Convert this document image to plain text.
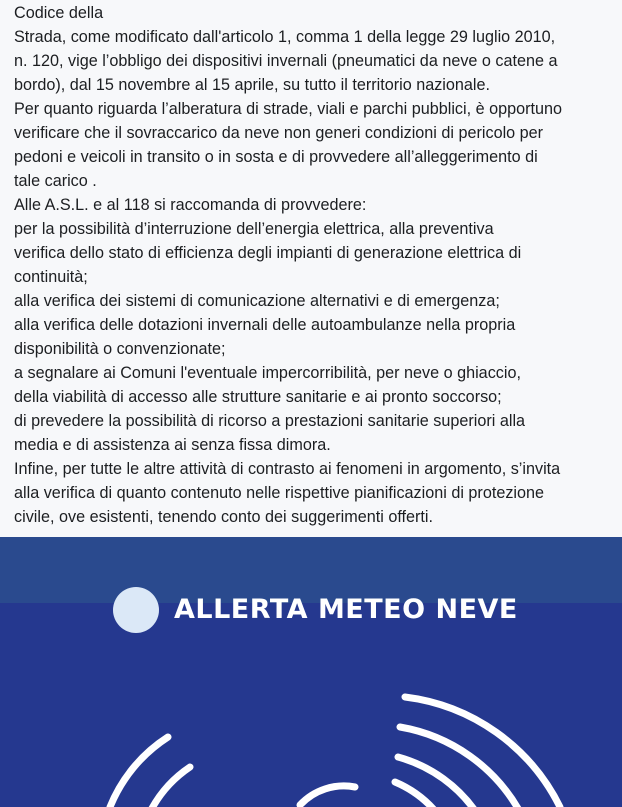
Codice della

Strada, come modificato dall'articolo 1, comma 1 della legge 29 luglio 2010,

n. 120, vige l’obbligo dei dispositivi invernali (pneumatici da neve o catene a

bordo), dal 15 novembre al 15 aprile, su tutto il territorio nazionale.

Per quanto riguarda l’alberatura di strade, viali e parchi pubblici, è opportuno

verificare che il sovraccarico da neve non generi condizioni di pericolo per

pedoni e veicoli in transito o in sosta e di provvedere all’alleggerimento di

tale carico .

Alle A.S.L. e al 118 si raccomanda di provvedere:

per la possibilità d’interruzione dell’energia elettrica, alla preventiva

verifica dello stato di efficienza degli impianti di generazione elettrica di

continuità;

alla verifica dei sistemi di comunicazione alternativi e di emergenza;

alla verifica delle dotazioni invernali delle autoambulanze nella propria

disponibilità o convenzionate;

a segnalare ai Comuni l'eventuale impercorribilità, per neve o ghiaccio,

della viabilità di accesso alle strutture sanitarie e ai pronto soccorso;

di prevedere la possibilità di ricorso a prestazioni sanitarie superiori alla

media e di assistenza ai senza fissa dimora.

Infine, per tutte le altre attività di contrasto ai fenomeni in argomento, s’invita

alla verifica di quanto contenuto nelle rispettive pianificazioni di protezione

civile, ove esistenti, tenendo conto dei suggerimenti offerti.

ALLERTA METEO NEVE
